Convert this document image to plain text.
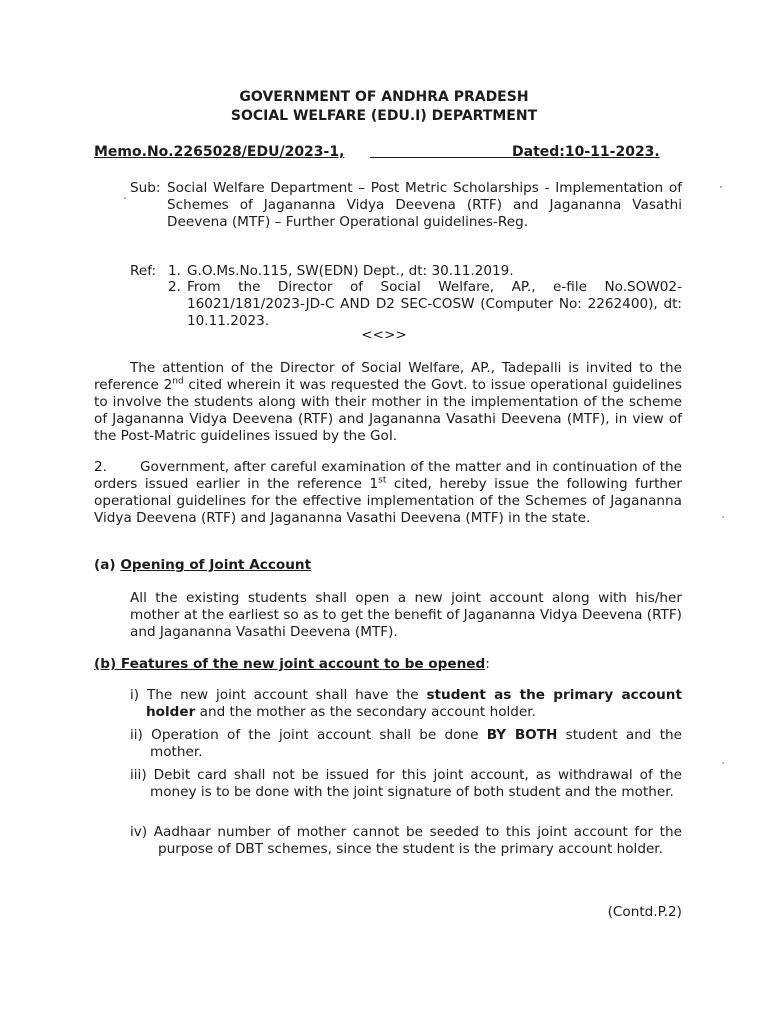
GOVERNMENT OF ANDHRA PRADESH
SOCIAL WELFARE (EDU.I) DEPARTMENT
Memo.No.2265028/EDU/2023-1,	Dated:10-11-2023.
Sub: Social Welfare Department – Post Metric Scholarships - Implementation of Schemes of Jagananna Vidya Deevena (RTF) and Jagananna Vasathi Deevena (MTF) – Further Operational guidelines-Reg.
Ref: 1. G.O.Ms.No.115, SW(EDN) Dept., dt: 30.11.2019.
2. From the Director of Social Welfare, AP., e-file No.SOW02-16021/181/2023-JD-C AND D2 SEC-COSW (Computer No: 2262400), dt: 10.11.2023.
<<>>
The attention of the Director of Social Welfare, AP., Tadepalli is invited to the reference 2nd cited wherein it was requested the Govt. to issue operational guidelines to involve the students along with their mother in the implementation of the scheme of Jagananna Vidya Deevena (RTF) and Jagananna Vasathi Deevena (MTF), in view of the Post-Matric guidelines issued by the GoI.
2. Government, after careful examination of the matter and in continuation of the orders issued earlier in the reference 1st cited, hereby issue the following further operational guidelines for the effective implementation of the Schemes of Jagananna Vidya Deevena (RTF) and Jagananna Vasathi Deevena (MTF) in the state.
(a) Opening of Joint Account
All the existing students shall open a new joint account along with his/her mother at the earliest so as to get the benefit of Jagananna Vidya Deevena (RTF) and Jagananna Vasathi Deevena (MTF).
(b) Features of the new joint account to be opened:
i) The new joint account shall have the student as the primary account holder and the mother as the secondary account holder.
ii) Operation of the joint account shall be done BY BOTH student and the mother.
iii) Debit card shall not be issued for this joint account, as withdrawal of the money is to be done with the joint signature of both student and the mother.
iv) Aadhaar number of mother cannot be seeded to this joint account for the purpose of DBT schemes, since the student is the primary account holder.
(Contd.P.2)
